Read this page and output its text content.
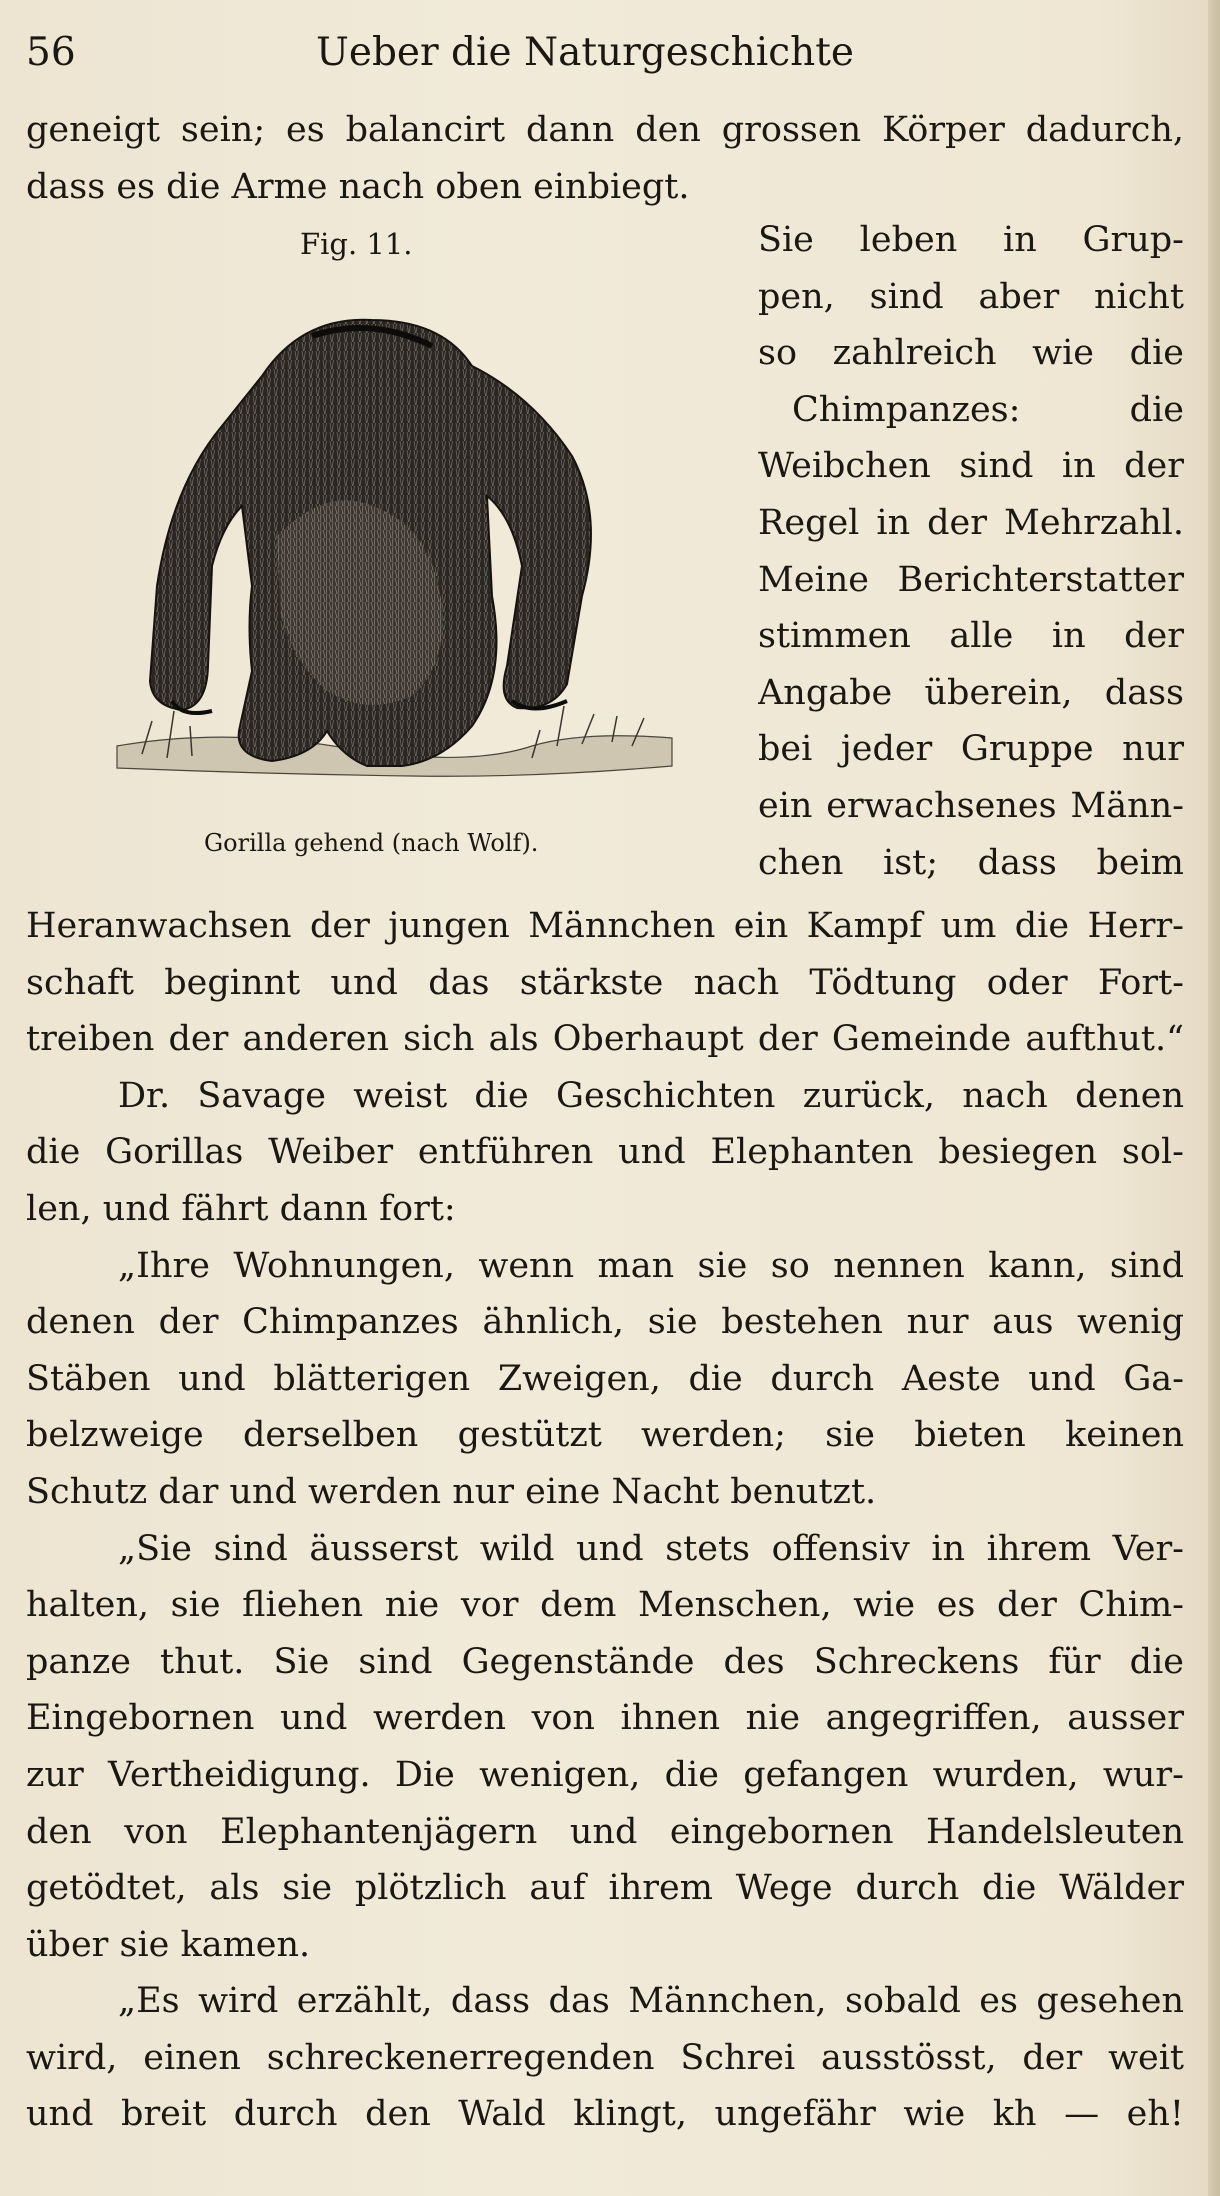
56	Ueber die Naturgeschichte
geneigt sein; es balancirt dann den grossen Körper dadurch,
dass es die Arme nach oben einbiegt.
Fig. 11.
Gorilla gehend (nach Wolf).
Sie leben in Grup-
pen, sind aber nicht
so zahlreich wie die
Chimpanzes: die
Weibchen sind in der
Regel in der Mehrzahl.
Meine Berichterstatter
stimmen alle in der
Angabe überein, dass
bei jeder Gruppe nur
ein erwachsenes Männ-
chen ist; dass beim
Heranwachsen der jungen Männchen ein Kampf um die Herr-
schaft beginnt und das stärkste nach Tödtung oder Fort-
treiben der anderen sich als Oberhaupt der Gemeinde aufthut.“
Dr. Savage weist die Geschichten zurück, nach denen
die Gorillas Weiber entführen und Elephanten besiegen sol-
len, und fährt dann fort:
„Ihre Wohnungen, wenn man sie so nennen kann, sind
denen der Chimpanzes ähnlich, sie bestehen nur aus wenig
Stäben und blätterigen Zweigen, die durch Aeste und Ga-
belzweige derselben gestützt werden; sie bieten keinen
Schutz dar und werden nur eine Nacht benutzt.
„Sie sind äusserst wild und stets offensiv in ihrem Ver-
halten, sie fliehen nie vor dem Menschen, wie es der Chim-
panze thut. Sie sind Gegenstände des Schreckens für die
Eingebornen und werden von ihnen nie angegriffen, ausser
zur Vertheidigung. Die wenigen, die gefangen wurden, wur-
den von Elephantenjägern und eingebornen Handelsleuten
getödtet, als sie plötzlich auf ihrem Wege durch die Wälder
über sie kamen.
„Es wird erzählt, dass das Männchen, sobald es gesehen
wird, einen schreckenerregenden Schrei ausstösst, der weit
und breit durch den Wald klingt, ungefähr wie kh — eh!
